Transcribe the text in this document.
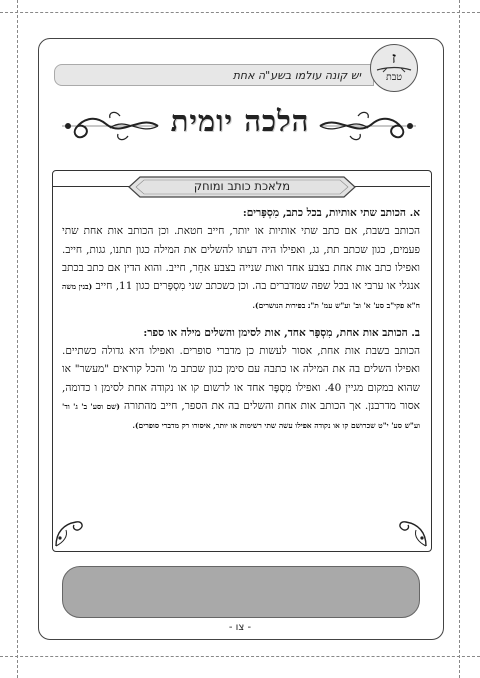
יש קונה עולמו בשע"ה אחת
ז
טבת
הלכה יומית
מלאכת כותב ומוחק

א. הכותב שתי אותיות, בכל כתב, מִסְפָּרים:
הכותב בשבת, אם כתב שתי אותיות או יותר, חייב חטאת. וכן הכותב אות אחת שתי פעמים, כגון שכתב תת, גג, ואפילו היה דעתו להשלים את המילה כגון תתנו, גגות, חייב. ואפילו כתב אות אחת בצבע אחד ואות שנייה בצבע אחֵר, חייב. והוא הדין אם כתב בכתב אנגלי או ערבי או בכל שפה שמדברים בה. וכן כשכתב שני מִסְפָּרים כגון 11, חייב (בנין משה ח"א פקי"ב סע' א' וב' וע"ש עמ' ת"נ בפירות הנושרים).

ב. הכותב אות אחת, מִסְפָּר אחד, אות לסימן והשלים מילה או ספר:
הכותב בשבת אות אחת, אסור לעשות כן מדברי סופרים. ואפילו היא גדולה כשתיים. ואפילו השלים בה את המילה או כתבה עם סימן כגון שכתב מ' והכל קוראים "מעשר" או שהוא במקום מגיין 40. ואפילו מִסְפָּר אחד או לרשום קו או נקודה אחת לסימן ו כדומה, אסור מדרבנן. אך הכותב אות אחת והשלים בה את הספר, חייב מהתורה (שם וסע' ב' ג' וד' וע"ש סע' י"ט שכרושם קו או נקודה אפילו עשה שתי רשימות או יותר, איסורו רק מדברי סופרים).

- צו -
